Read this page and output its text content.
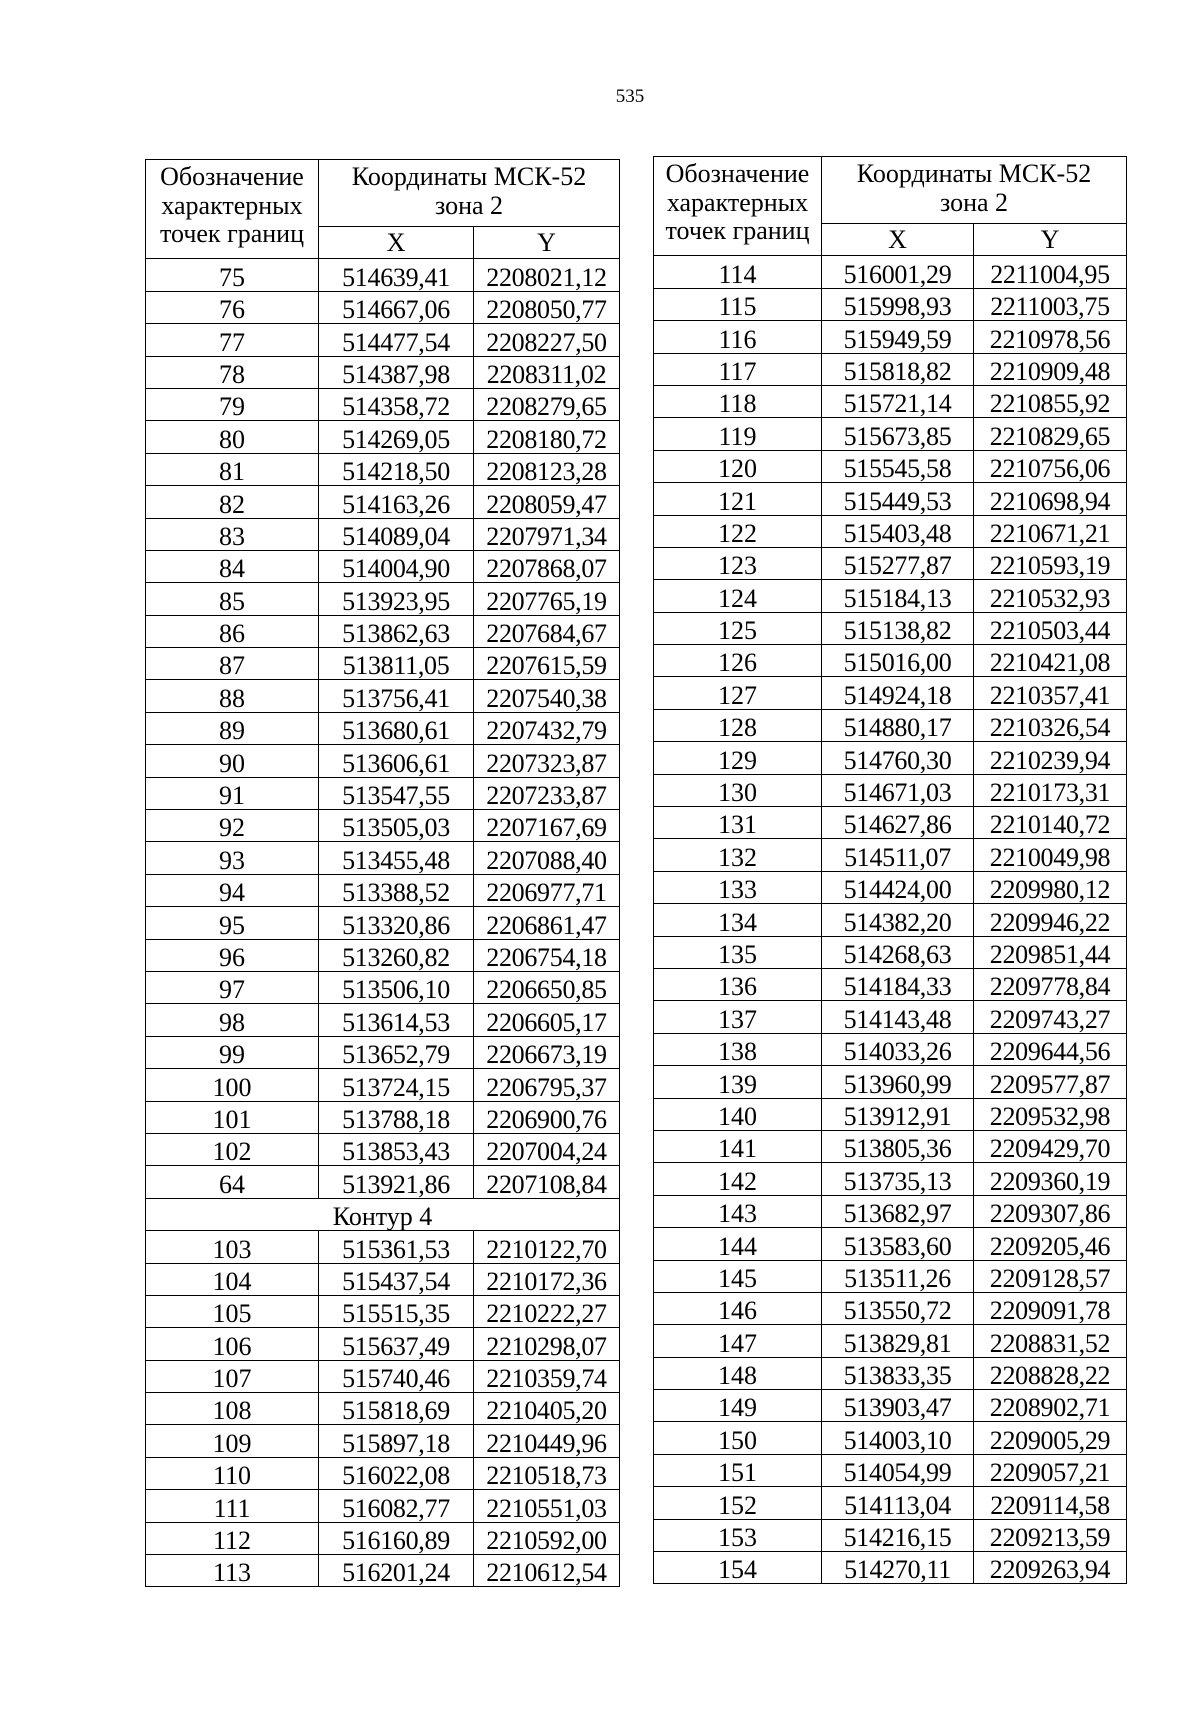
535
Обозначение
характерных
точек границ	Координаты МСК-52
зона 2	
	X	Y
75	514639,41	2208021,12
76	514667,06	2208050,77
77	514477,54	2208227,50
78	514387,98	2208311,02
79	514358,72	2208279,65
80	514269,05	2208180,72
81	514218,50	2208123,28
82	514163,26	2208059,47
83	514089,04	2207971,34
84	514004,90	2207868,07
85	513923,95	2207765,19
86	513862,63	2207684,67
87	513811,05	2207615,59
88	513756,41	2207540,38
89	513680,61	2207432,79
90	513606,61	2207323,87
91	513547,55	2207233,87
92	513505,03	2207167,69
93	513455,48	2207088,40
94	513388,52	2206977,71
95	513320,86	2206861,47
96	513260,82	2206754,18
97	513506,10	2206650,85
98	513614,53	2206605,17
99	513652,79	2206673,19
100	513724,15	2206795,37
101	513788,18	2206900,76
102	513853,43	2207004,24
64	513921,86	2207108,84
Контур 4		
103	515361,53	2210122,70
104	515437,54	2210172,36
105	515515,35	2210222,27
106	515637,49	2210298,07
107	515740,46	2210359,74
108	515818,69	2210405,20
109	515897,18	2210449,96
110	516022,08	2210518,73
111	516082,77	2210551,03
112	516160,89	2210592,00
113	516201,24	2210612,54
Обозначение
характерных
точек границ	Координаты МСК-52
зона 2	
	X	Y
114	516001,29	2211004,95
115	515998,93	2211003,75
116	515949,59	2210978,56
117	515818,82	2210909,48
118	515721,14	2210855,92
119	515673,85	2210829,65
120	515545,58	2210756,06
121	515449,53	2210698,94
122	515403,48	2210671,21
123	515277,87	2210593,19
124	515184,13	2210532,93
125	515138,82	2210503,44
126	515016,00	2210421,08
127	514924,18	2210357,41
128	514880,17	2210326,54
129	514760,30	2210239,94
130	514671,03	2210173,31
131	514627,86	2210140,72
132	514511,07	2210049,98
133	514424,00	2209980,12
134	514382,20	2209946,22
135	514268,63	2209851,44
136	514184,33	2209778,84
137	514143,48	2209743,27
138	514033,26	2209644,56
139	513960,99	2209577,87
140	513912,91	2209532,98
141	513805,36	2209429,70
142	513735,13	2209360,19
143	513682,97	2209307,86
144	513583,60	2209205,46
145	513511,26	2209128,57
146	513550,72	2209091,78
147	513829,81	2208831,52
148	513833,35	2208828,22
149	513903,47	2208902,71
150	514003,10	2209005,29
151	514054,99	2209057,21
152	514113,04	2209114,58
153	514216,15	2209213,59
154	514270,11	2209263,94
